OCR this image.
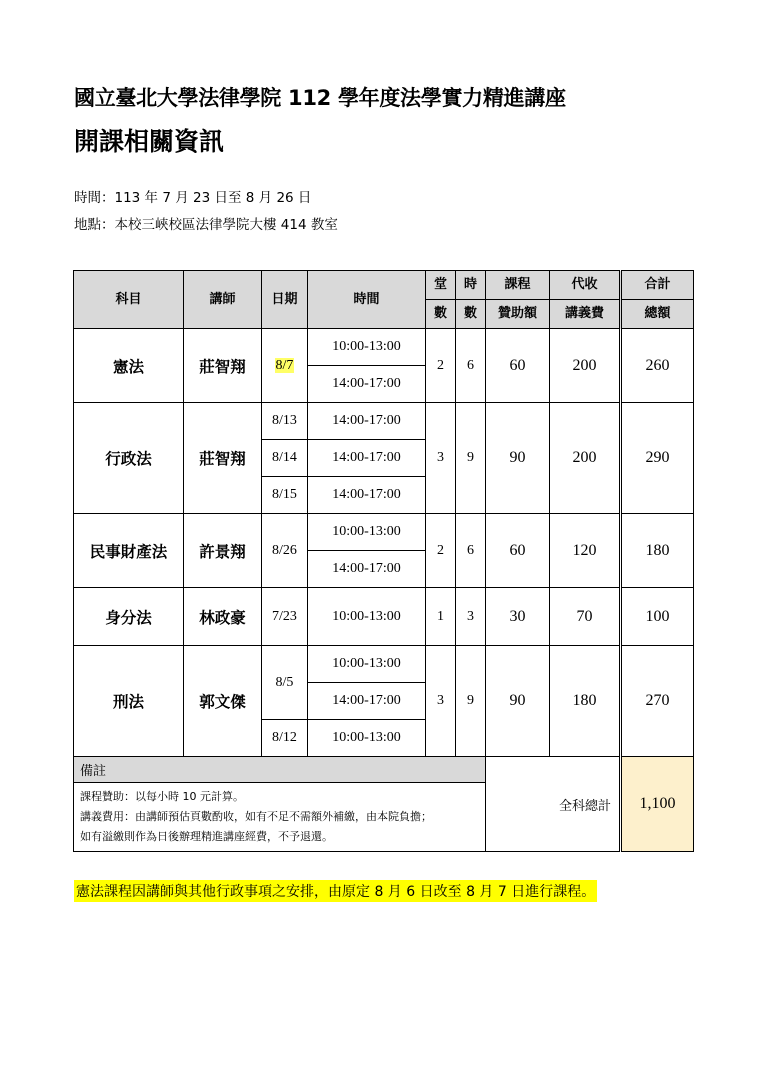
國立臺北大學法律學院 112 學年度法學實力精進講座
開課相關資訊
時間：113 年 7 月 23 日至 8 月 26 日
地點：本校三峽校區法律學院大樓 414 教室
科目	講師	日期	時間	堂	時	課程	代收	合計
				數	數	贊助額	講義費	總額
憲法	莊智翔	8/7	10:00-13:00	2	6	60	200	260
			14:00-17:00					
行政法	莊智翔	8/13	14:00-17:00	3	9	90	200	290
		8/14	14:00-17:00					
		8/15	14:00-17:00					
民事財產法	許景翔	8/26	10:00-13:00	2	6	60	120	180
			14:00-17:00					
身分法	林政豪	7/23	10:00-13:00	1	3	30	70	100
刑法	郭文傑	8/5	10:00-13:00	3	9	90	180	270
			14:00-17:00					
		8/12	10:00-13:00					
備註						全科總計		1,100

課程贊助：以每小時 10 元計算。
講義費用：由講師預估頁數酌收，如有不足不需額外補繳，由本院負擔；
如有溢繳則作為日後辦理精進講座經費，不予退還。								
憲法課程因講師與其他行政事項之安排，由原定 8 月 6 日改至 8 月 7 日進行課程。
